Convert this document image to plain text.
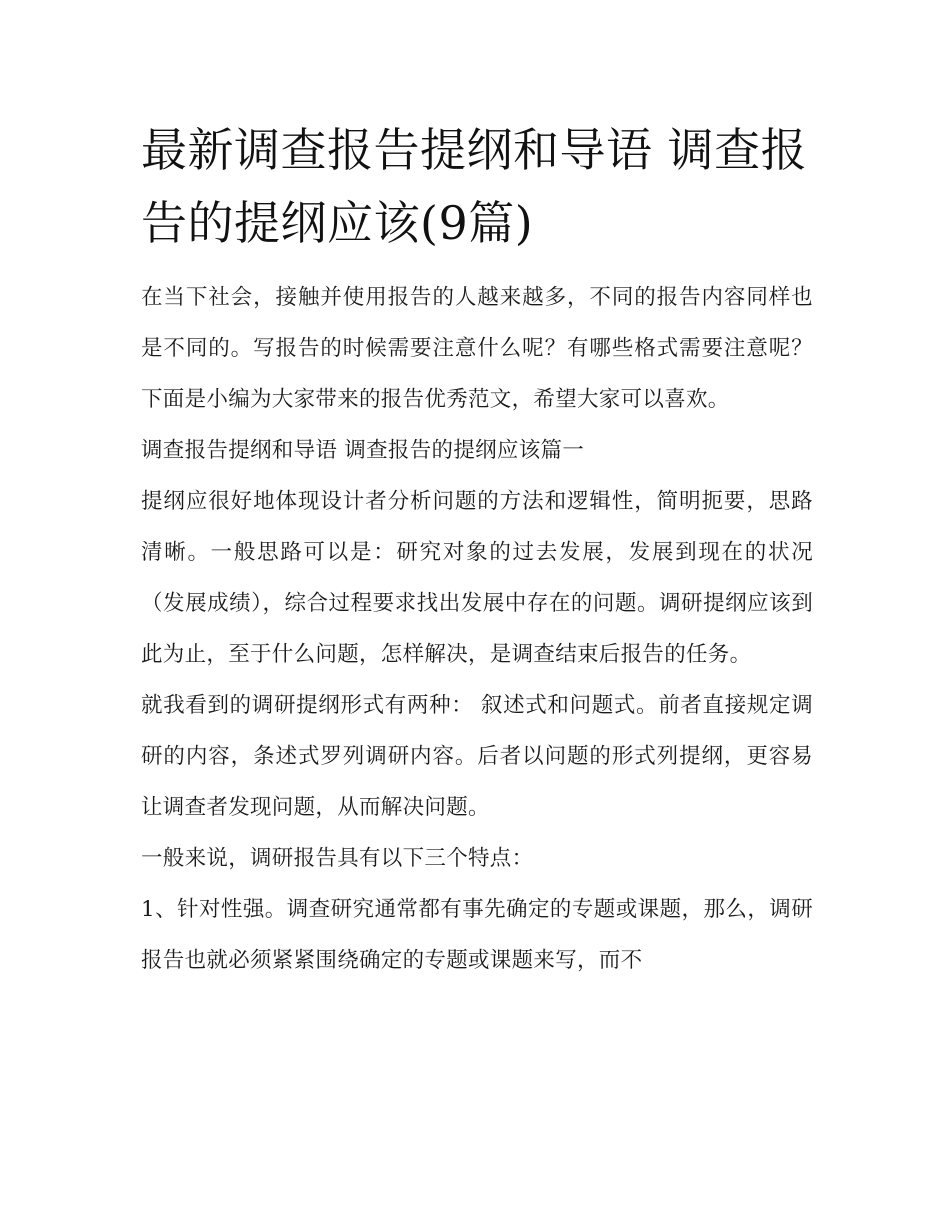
最新调查报告提纲和导语 调查报告的提纲应该(9篇)

在当下社会，接触并使用报告的人越来越多，不同的报告内容同样也是不同的。写报告的时候需要注意什么呢？有哪些格式需要注意呢？下面是小编为大家带来的报告优秀范文，希望大家可以喜欢。

调查报告提纲和导语 调查报告的提纲应该篇一

提纲应很好地体现设计者分析问题的方法和逻辑性，简明扼要，思路清晰。一般思路可以是：研究对象的过去发展，发展到现在的状况（发展成绩），综合过程要求找出发展中存在的问题。调研提纲应该到此为止，至于什么问题，怎样解决，是调查结束后报告的任务。

就我看到的调研提纲形式有两种： 叙述式和问题式。前者直接规定调研的内容，条述式罗列调研内容。后者以问题的形式列提纲，更容易让调查者发现问题，从而解决问题。

一般来说，调研报告具有以下三个特点：

1、针对性强。调查研究通常都有事先确定的专题或课题，那么，调研报告也就必须紧紧围绕确定的专题或课题来写，而不
